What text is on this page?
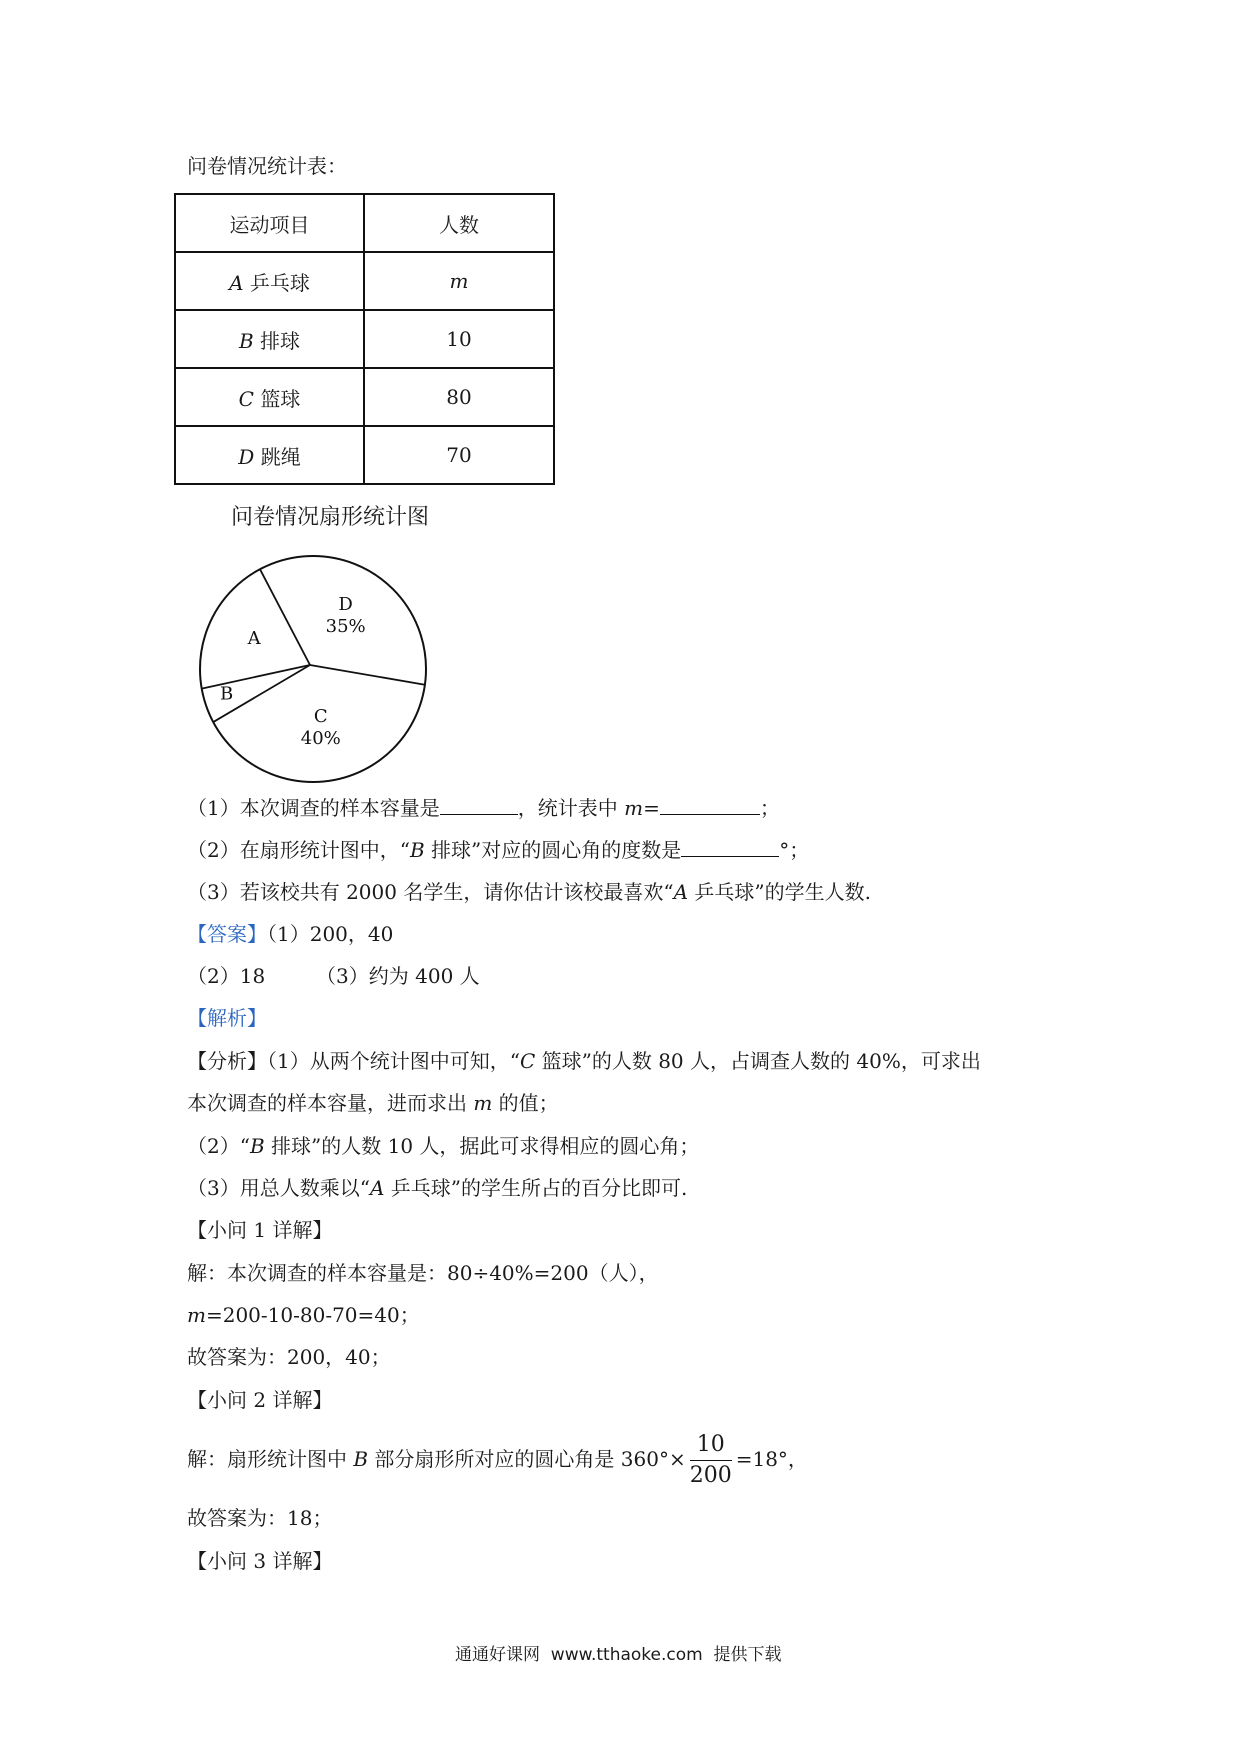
问卷情况统计表：
运动项目	人数
A 乒乓球	m
B 排球	10
C 篮球	80
D 跳绳	70
问卷情况扇形统计图
D
35%
C
40%
B
A
（1）本次调查的样本容量是	，统计表中 m=	；
（2）在扇形统计图中，“B 排球”对应的圆心角的度数是	°；
（3）若该校共有 2000 名学生，请你估计该校最喜欢“A 乒乓球”的学生人数.
【答案】（1）200，40
（2）18        （3）约为 400 人
【解析】
【分析】（1）从两个统计图中可知，“C 篮球”的人数 80 人，占调查人数的 40%，可求出
本次调查的样本容量，进而求出 m 的值；
（2）“B 排球”的人数 10 人，据此可求得相应的圆心角；
（3）用总人数乘以“A 乒乓球”的学生所占的百分比即可.
【小问 1 详解】
解：本次调查的样本容量是：80÷40%=200（人），
m=200-10-80-70=40；
故答案为：200，40；
【小问 2 详解】
解：扇形统计图中 B 部分扇形所对应的圆心角是 $360^\circ\times \frac{10}{200} =18^\circ$，
故答案为：18；
【小问 3 详解】
通通好课网  www.tthaoke.com  提供下载
